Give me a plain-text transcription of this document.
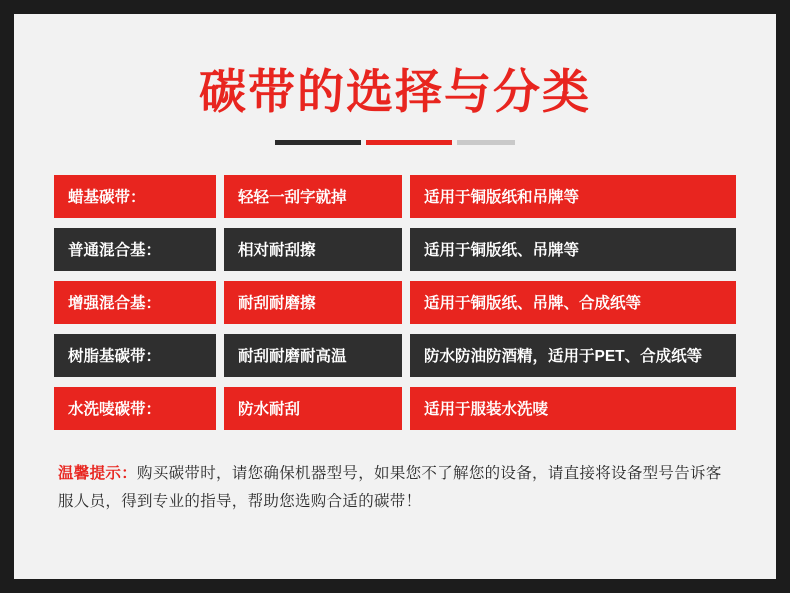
碳带的选择与分类
蜡基碳带：	轻轻一刮字就掉	适用于铜版纸和吊牌等
普通混合基：	相对耐刮擦	适用于铜版纸、吊牌等
增强混合基：	耐刮耐磨擦	适用于铜版纸、吊牌、合成纸等
树脂基碳带：	耐刮耐磨耐高温	防水防油防酒精，适用于PET、合成纸等
水洗唛碳带：	防水耐刮	适用于服装水洗唛
温馨提示：购买碳带时，请您确保机器型号，如果您不了解您的设备，请直接将设备型号告诉客服人员，得到专业的指导，帮助您选购合适的碳带！
